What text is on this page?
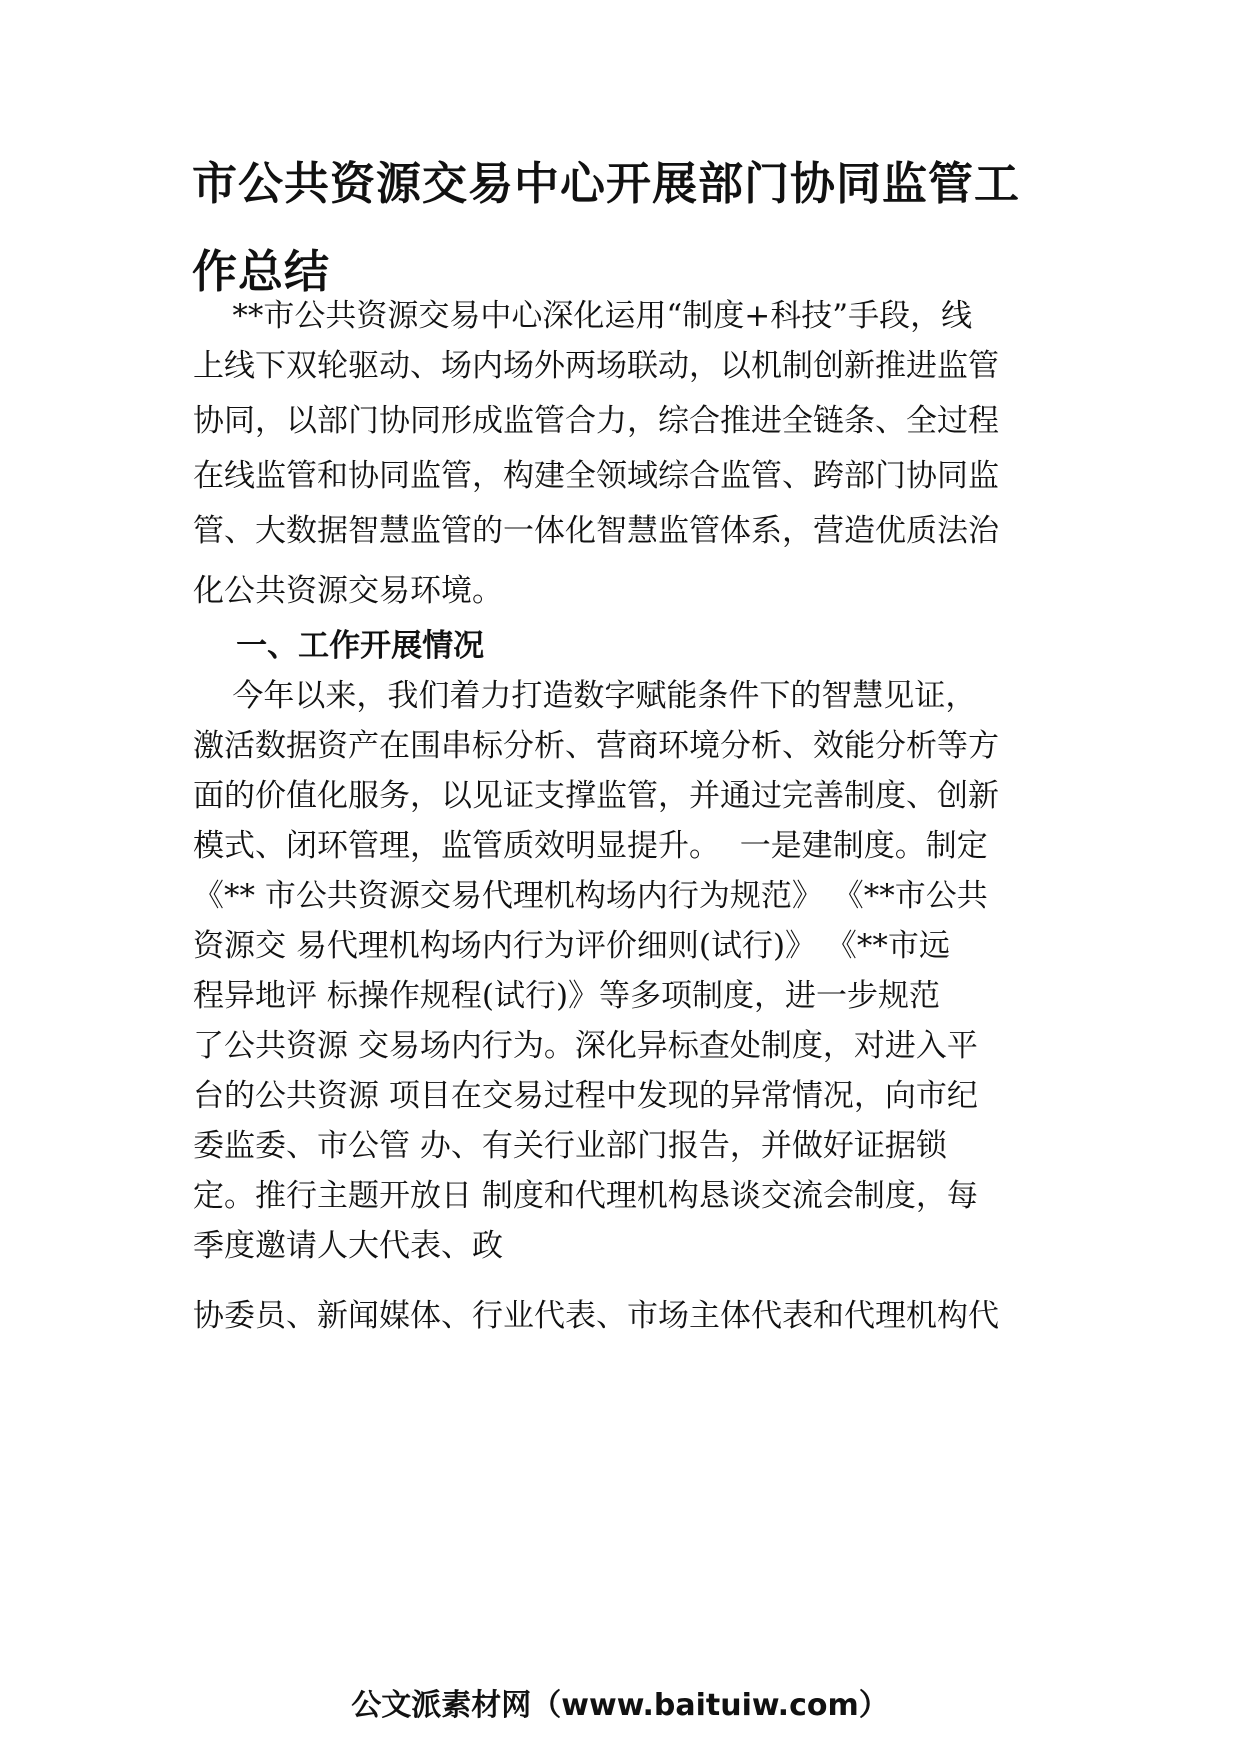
市公共资源交易中心开展部门协同监管工作总结

**市公共资源交易中心深化运用“制度+科技”手段，线

上线下双轮驱动、场内场外两场联动，以机制创新推进监管

协同，以部门协同形成监管合力，综合推进全链条、全过程

在线监管和协同监管，构建全领域综合监管、跨部门协同监

管、大数据智慧监管的一体化智慧监管体系，营造优质法治

化公共资源交易环境。

一、工作开展情况

今年以来，我们着力打造数字赋能条件下的智慧见证，

激活数据资产在围串标分析、营商环境分析、效能分析等方

面的价值化服务，以见证支撑监管，并通过完善制度、创新

模式、闭环管理，监管质效明显提升。  一是建制度。制定

《** 市公共资源交易代理机构场内行为规范》 《**市公共

资源交 易代理机构场内行为评价细则(试行)》 《**市远

程异地评 标操作规程(试行)》等多项制度，进一步规范

了公共资源 交易场内行为。深化异标查处制度，对进入平

台的公共资源 项目在交易过程中发现的异常情况，向市纪

委监委、市公管 办、有关行业部门报告，并做好证据锁

定。推行主题开放日 制度和代理机构恳谈交流会制度，每

季度邀请人大代表、政

协委员、新闻媒体、行业代表、市场主体代表和代理机构代

公文派素材网（www.baituiw.com）
